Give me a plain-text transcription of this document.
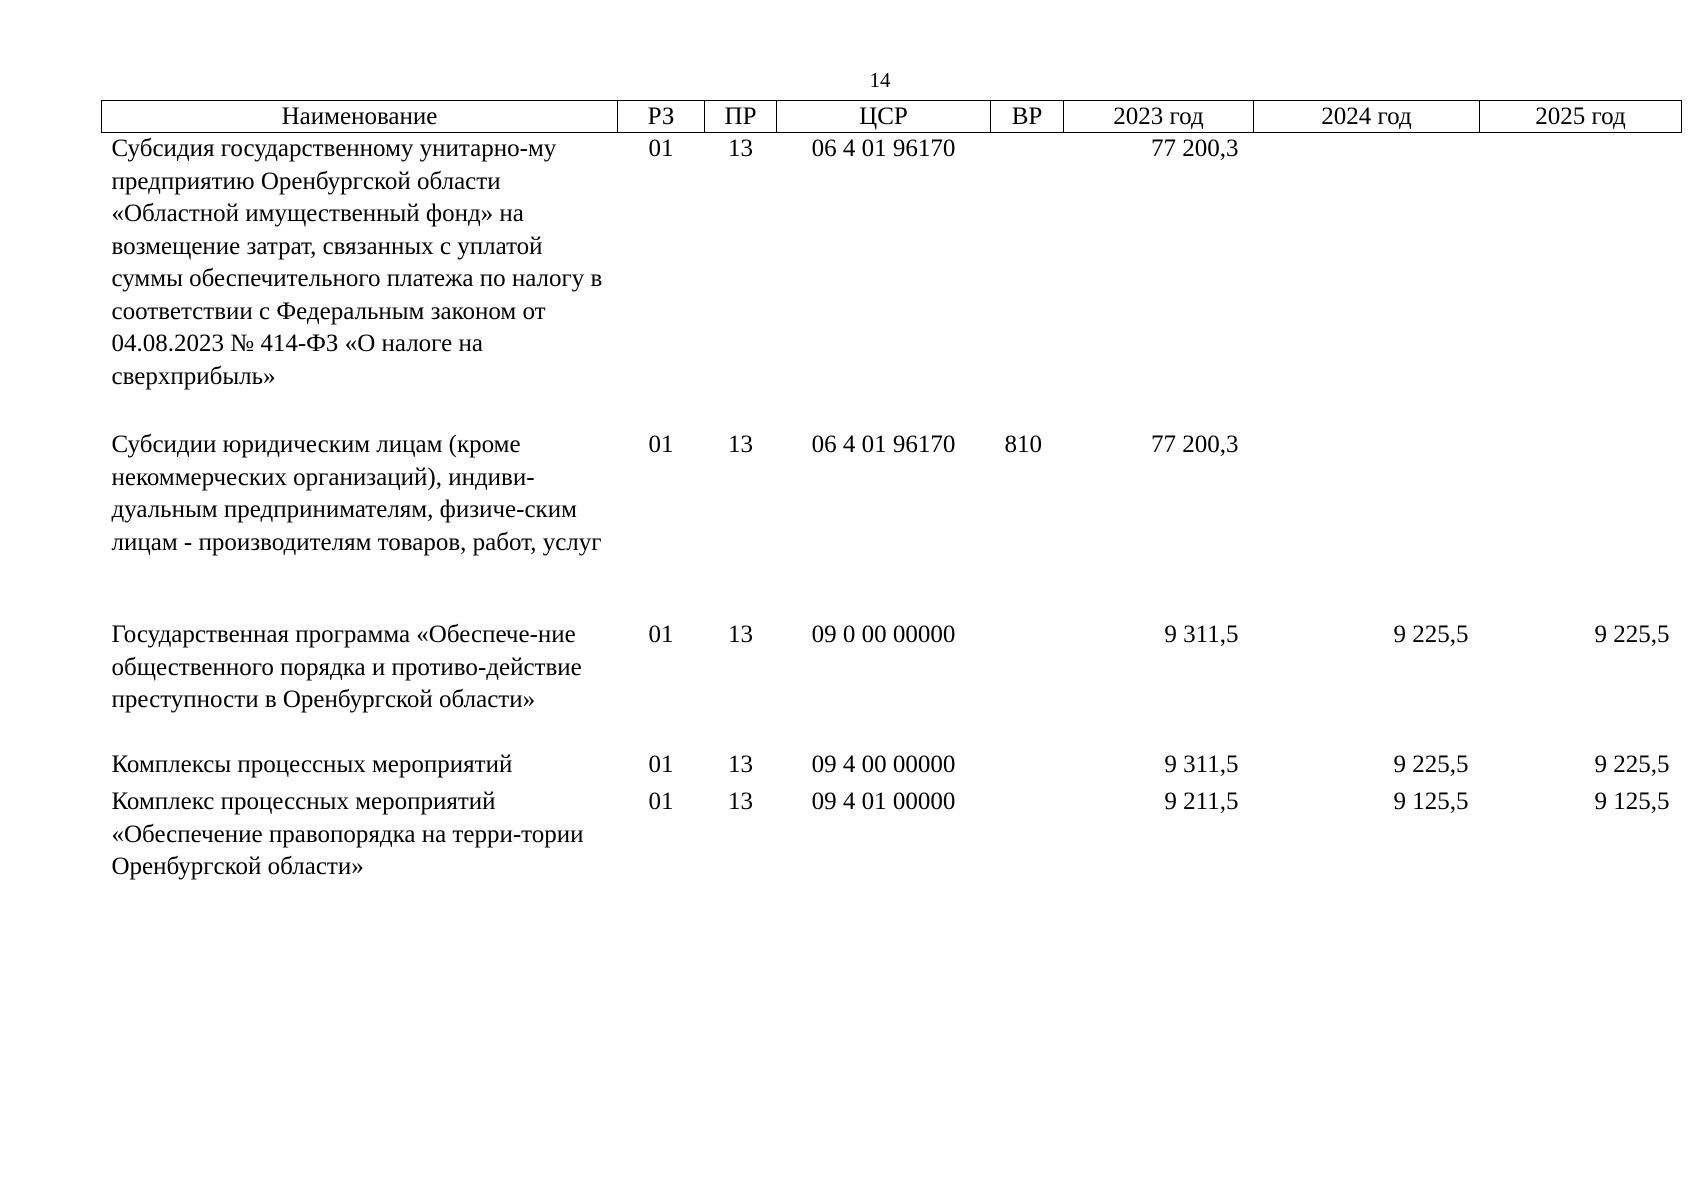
14
Наименование	РЗ	ПР	ЦСР	ВР	2023 год	2024 год	2025 год
Субсидия государственному унитарно-му предприятию Оренбургской области «Областной имущественный фонд» на возмещение затрат, связанных с уплатой суммы обеспечительного платежа по налогу в соответствии с Федеральным законом от 04.08.2023 № 414-ФЗ «О налоге на сверхприбыль»	01	13	06 4 01 96170		77 200,3		
Субсидии юридическим лицам (кроме некоммерческих организаций), индиви-дуальным предпринимателям, физиче-ским лицам - производителям товаров, работ, услуг	01	13	06 4 01 96170	810	77 200,3		
Государственная программа «Обеспече-ние общественного порядка и противо-действие преступности в Оренбургской области»	01	13	09 0 00 00000		9 311,5	9 225,5	9 225,5
Комплексы процессных мероприятий	01	13	09 4 00 00000		9 311,5	9 225,5	9 225,5
Комплекс процессных мероприятий «Обеспечение правопорядка на терри-тории Оренбургской области»	01	13	09 4 01 00000		9 211,5	9 125,5	9 125,5
